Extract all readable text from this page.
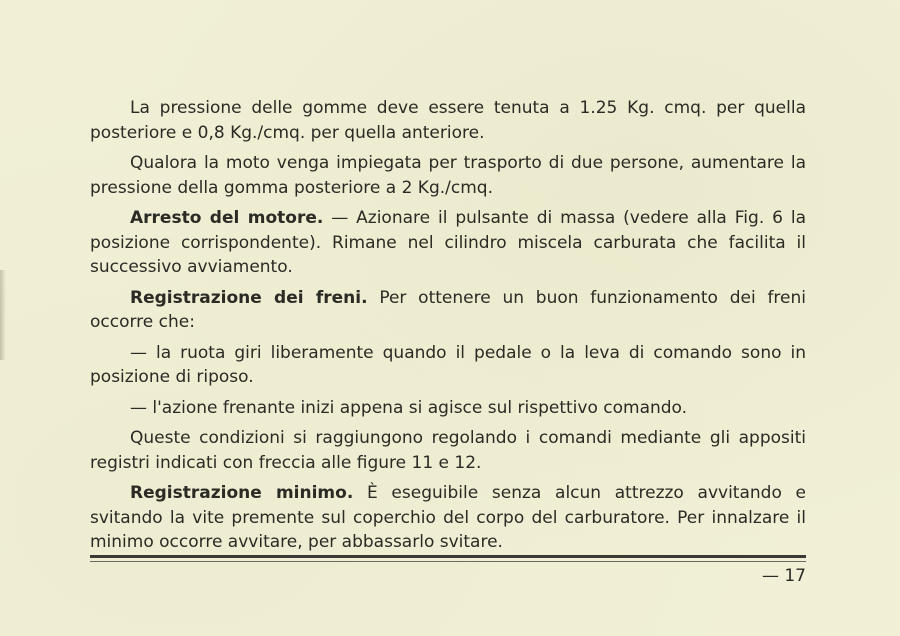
La pressione delle gomme deve essere tenuta a 1.25 Kg. cmq. per quella posteriore e 0,8 Kg./cmq. per quella anteriore.

Qualora la moto venga impiegata per trasporto di due persone, aumentare la pressione della gomma posteriore a 2 Kg./cmq.

Arresto del motore. — Azionare il pulsante di massa (vedere alla Fig. 6 la posizione corrispondente). Rimane nel cilindro miscela carburata che facilita il successivo avviamento.

Registrazione dei freni. Per ottenere un buon funzionamento dei freni occorre che:

— la ruota giri liberamente quando il pedale o la leva di comando sono in posizione di riposo.

— l'azione frenante inizi appena si agisce sul rispettivo comando.

Queste condizioni si raggiungono regolando i comandi mediante gli appositi registri indicati con freccia alle figure 11 e 12.

Registrazione minimo. È eseguibile senza alcun attrezzo avvitando e svitando la vite premente sul coperchio del corpo del carburatore. Per innalzare il minimo occorre avvitare, per abbassarlo svitare.

— 17
